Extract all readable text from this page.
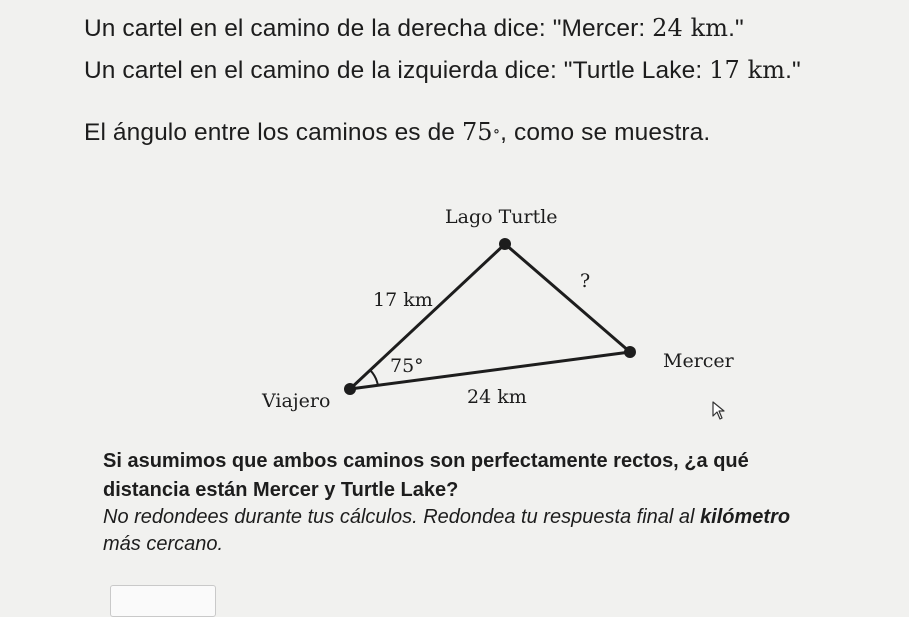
Un cartel en el camino de la derecha dice: "Mercer: 24 km."
Un cartel en el camino de la izquierda dice: "Turtle Lake: 17 km."
El ángulo entre los caminos es de 75∘, como se muestra.
Lago Turtle
?
17 km
75°	Mercer
Viajero	24 km
Si asumimos que ambos caminos son perfectamente rectos, ¿a qué
distancia están Mercer y Turtle Lake?
No redondees durante tus cálculos. Redondea tu respuesta final al kilómetro
más cercano.
